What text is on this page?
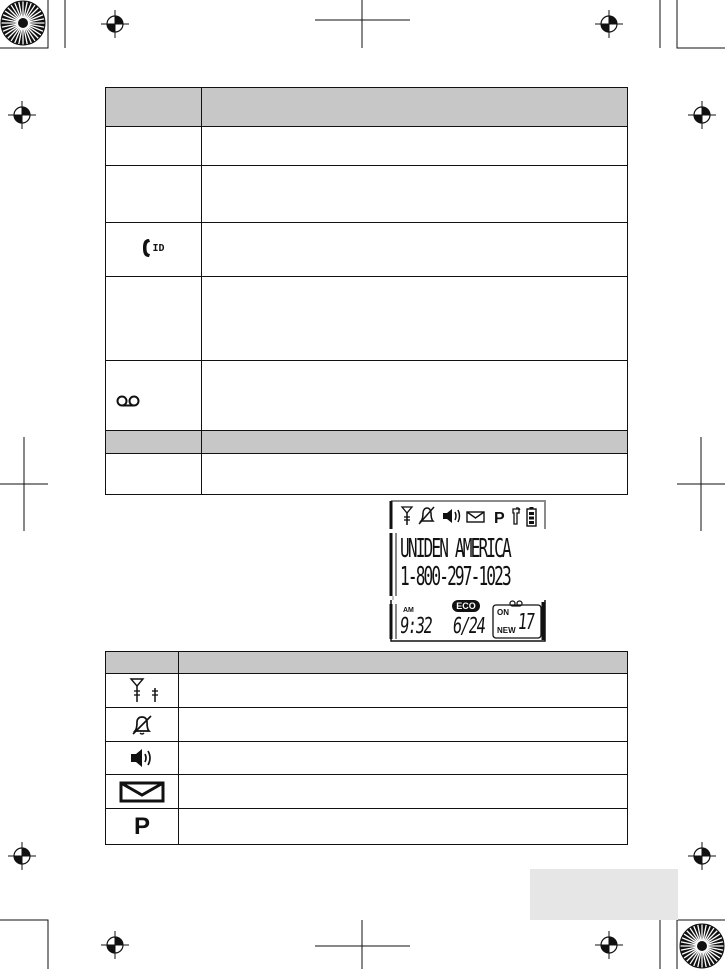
ID	

P
UNIDEN AMERICA
1-800-297-1023
ECO
AM
9:32 6/24
ON
NEW 17

P	
